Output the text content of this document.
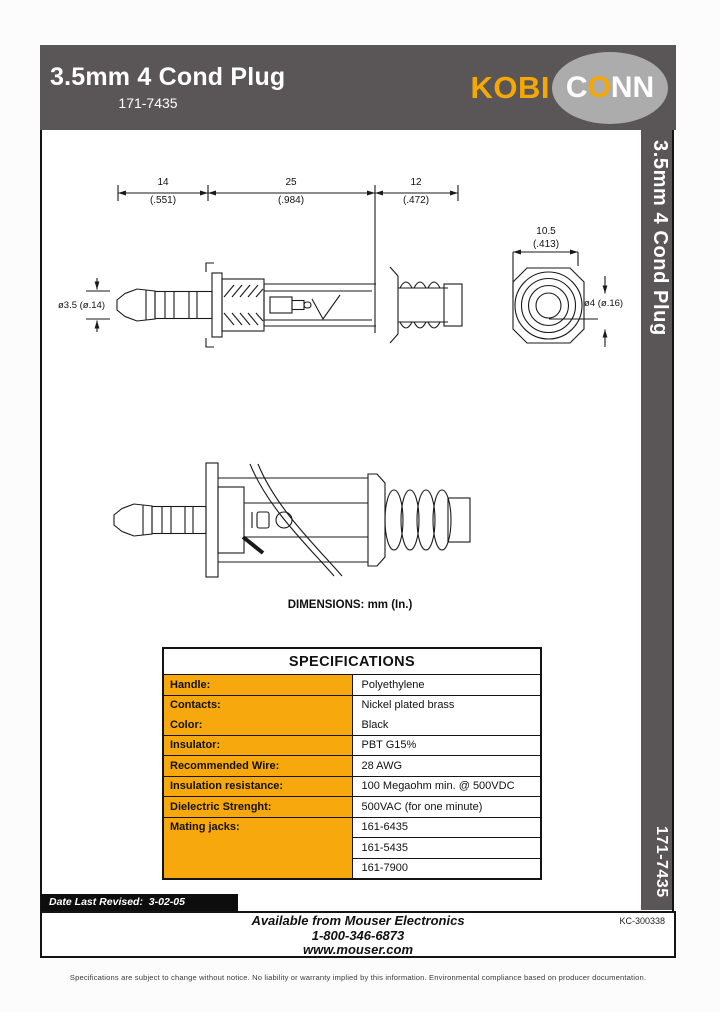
3.5mm 4 Cond Plug
171-7435	KOBI C O NN
3.5mm 4 Cond Plug
171-7435
14
(.551)
25
(.984)
12
(.472)
10.5
(.413)
ø3.5 (ø.14)	ø4 (ø.16)
DIMENSIONS: mm (In.)
SPECIFICATIONS	
Handle:	Polyethylene
Contacts:	Nickel plated brass
Color:	Black
Insulator:	PBT G15%
Recommended Wire:	28 AWG
Insulation resistance:	100 Megaohm min. @ 500VDC
Dielectric Strenght:	500VAC (for one minute)
Mating jacks:	161-6435
	161-5435
	161-7900
Date Last Revised:  3-02-05
KC-300338
Available from Mouser Electronics
1-800-346-6873
www.mouser.com
Specifications are subject to change without notice. No liability or warranty implied by this information. Environmental compliance based on producer documentation.
